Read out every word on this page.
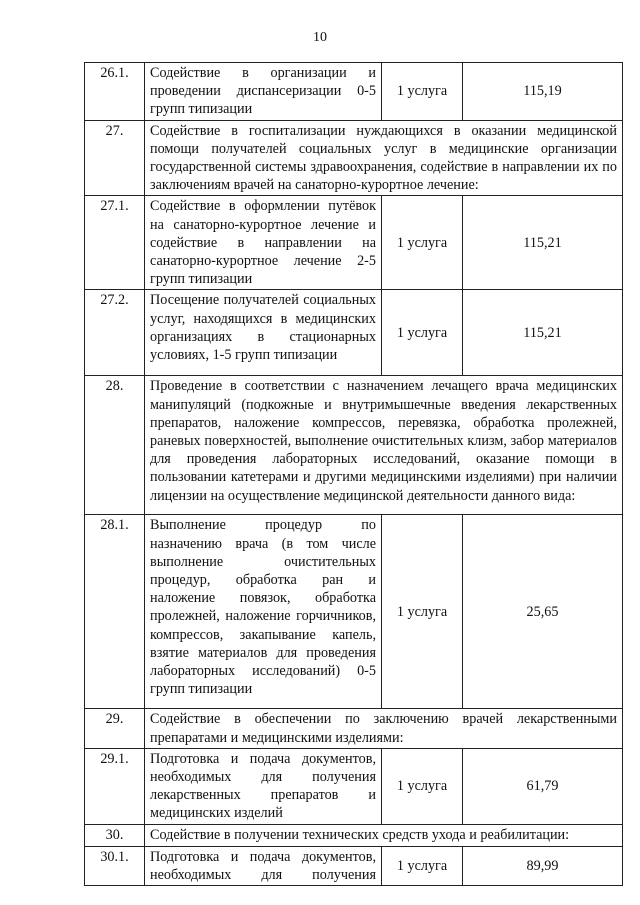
10
26.1.	Содействие в организации и проведении диспансеризации 0-5 групп типизации	1 услуга	115,19
27.	Содействие в госпитализации нуждающихся в оказании медицинской помощи получателей социальных услуг в медицинские организации государственной системы здравоохранения, содействие в направлении их по заключениям врачей на санаторно-курортное лечение:		
27.1.	Содействие в оформлении путёвок на санаторно-курортное лечение и содействие в направлении на санаторно-курортное лечение 2-5 групп типизации	1 услуга	115,21
27.2.	Посещение получателей социальных услуг, находящихся в медицинских организациях в стационарных условиях, 1-5 групп типизации	1 услуга	115,21
28.	Проведение в соответствии с назначением лечащего врача медицинских манипуляций (подкожные и внутримышечные введения лекарственных препаратов, наложение компрессов, перевязка, обработка пролежней, раневых поверхностей, выполнение очистительных клизм, забор материалов для проведения лабораторных исследований, оказание помощи в пользовании катетерами и другими медицинскими изделиями) при наличии лицензии на осуществление медицинской деятельности данного вида:		
28.1.	Выполнение процедур по назначению врача (в том числе выполнение очистительных процедур, обработка ран и наложение повязок, обработка пролежней, наложение горчичников, компрессов, закапывание капель, взятие материалов для проведения лабораторных исследований) 0-5 групп типизации	1 услуга	25,65
29.	Содействие в обеспечении по заключению врачей лекарственными препаратами и медицинскими изделиями:		
29.1.	Подготовка и подача документов, необходимых для получения лекарственных препаратов и медицинских изделий	1 услуга	61,79
30.	Содействие в получении технических средств ухода и реабилитации:		
30.1.	Подготовка и подача документов, необходимых для получения	1 услуга	89,99
